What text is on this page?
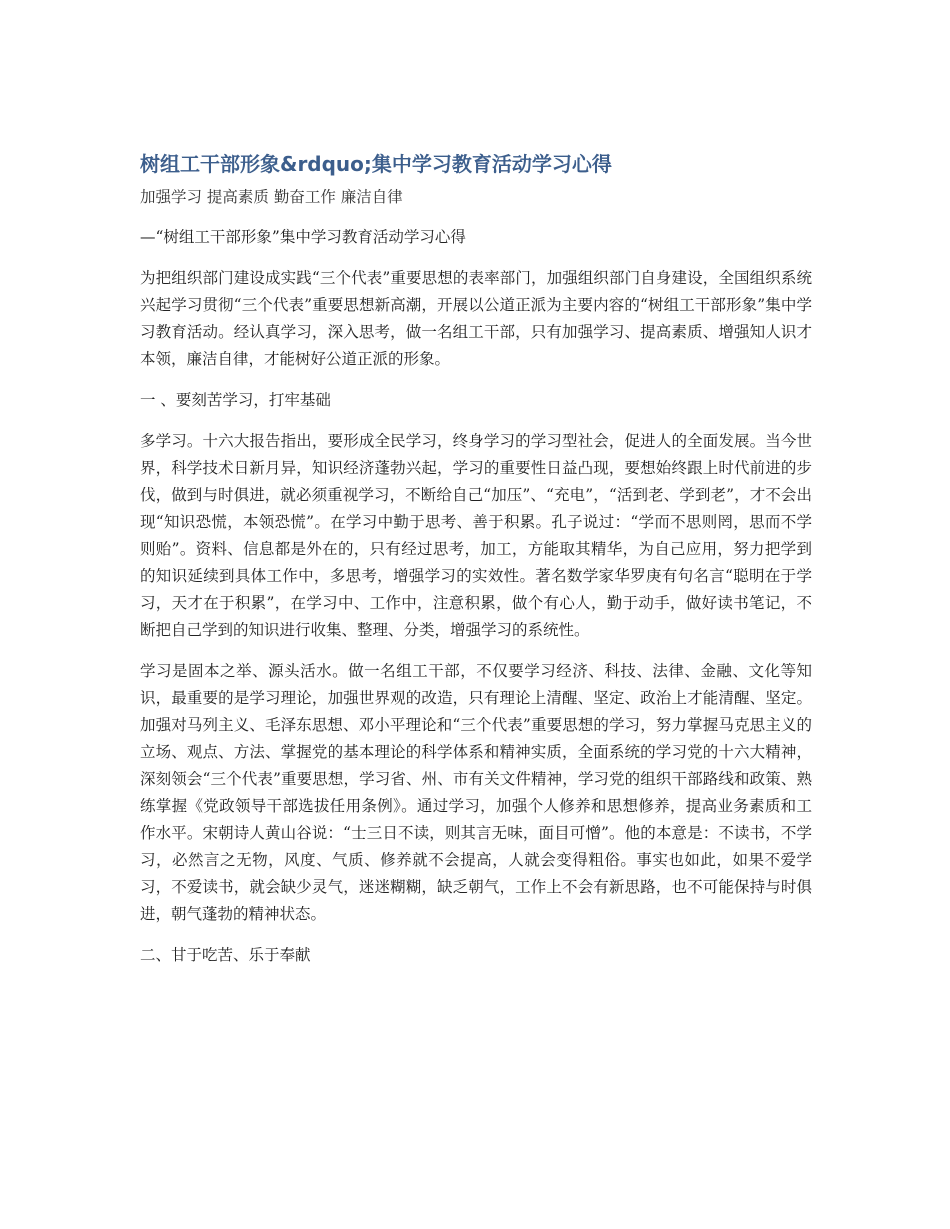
树组工干部形象&rdquo;集中学习教育活动学习心得

加强学习 提高素质 勤奋工作 廉洁自律

—“树组工干部形象”集中学习教育活动学习心得

为把组织部门建设成实践“三个代表”重要思想的表率部门，加强组织部门自身建设，全国组织系统兴起学习贯彻“三个代表”重要思想新高潮，开展以公道正派为主要内容的“树组工干部形象”集中学习教育活动。经认真学习，深入思考，做一名组工干部，只有加强学习、提高素质、增强知人识才本领，廉洁自律，才能树好公道正派的形象。

一 、要刻苦学习，打牢基础

多学习。十六大报告指出，要形成全民学习，终身学习的学习型社会，促进人的全面发展。当今世界，科学技术日新月异，知识经济蓬勃兴起，学习的重要性日益凸现，要想始终跟上时代前进的步伐，做到与时俱进，就必须重视学习，不断给自己“加压”、“充电”，“活到老、学到老”，才不会出现“知识恐慌，本领恐慌”。在学习中勤于思考、善于积累。孔子说过：“学而不思则罔，思而不学则贻”。资料、信息都是外在的，只有经过思考，加工，方能取其精华，为自己应用，努力把学到的知识延续到具体工作中，多思考，增强学习的实效性。著名数学家华罗庚有句名言“聪明在于学习，天才在于积累”，在学习中、工作中，注意积累，做个有心人，勤于动手，做好读书笔记，不断把自己学到的知识进行收集、整理、分类，增强学习的系统性。

学习是固本之举、源头活水。做一名组工干部，不仅要学习经济、科技、法律、金融、文化等知识，最重要的是学习理论，加强世界观的改造，只有理论上清醒、坚定、政治上才能清醒、坚定。加强对马列主义、毛泽东思想、邓小平理论和“三个代表”重要思想的学习，努力掌握马克思主义的立场、观点、方法、掌握党的基本理论的科学体系和精神实质，全面系统的学习党的十六大精神，深刻领会“三个代表”重要思想，学习省、州、市有关文件精神，学习党的组织干部路线和政策、熟练掌握《党政领导干部选拔任用条例》。通过学习，加强个人修养和思想修养，提高业务素质和工作水平。宋朝诗人黄山谷说：“士三日不读，则其言无味，面目可憎”。他的本意是：不读书，不学习，必然言之无物，风度、气质、修养就不会提高，人就会变得粗俗。事实也如此，如果不爱学习，不爱读书，就会缺少灵气，迷迷糊糊，缺乏朝气，工作上不会有新思路，也不可能保持与时俱进，朝气蓬勃的精神状态。

二、甘于吃苦、乐于奉献
